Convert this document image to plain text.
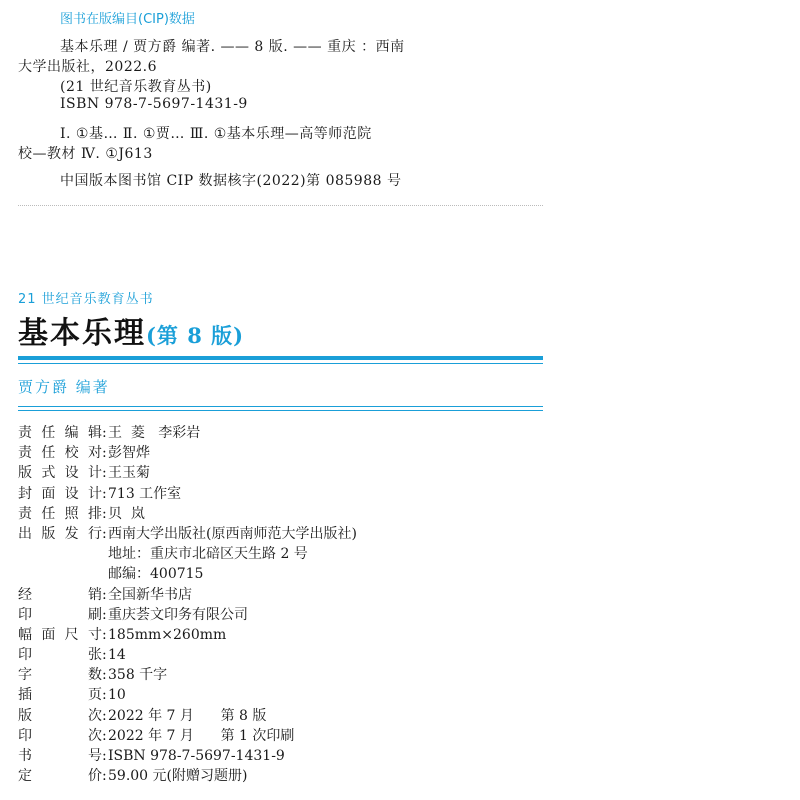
图书在版编目(CIP)数据
基本乐理 / 贾方爵 编著. —— 8 版. —— 重庆 ：西南
大学出版社，2022.6
(21 世纪音乐教育丛书)
ISBN 978-7-5697-1431-9
Ⅰ. ①基… Ⅱ. ①贾… Ⅲ. ①基本乐理—高等师范院
校—教材 Ⅳ. ①J613
中国版本图书馆 CIP 数据核字(2022)第 085988 号
21 世纪音乐教育丛书
基本乐理(第 8 版)
贾方爵 编著
责任编辑 : 王  菱   李彩岩
责任校对 : 彭智烨
版式设计 : 王玉菊
封面设计 : 713 工作室
责任照排 : 贝  岚
出版发行 : 西南大学出版社(原西南师范大学出版社)
地址：重庆市北碚区天生路 2 号
邮编：400715
经销 : 全国新华书店
印刷 : 重庆荟文印务有限公司
幅面尺寸 : 185mm×260mm
印张 : 14
字数 : 358 千字
插页 : 10
版次 : 2022 年 7 月      第 8 版
印次 : 2022 年 7 月      第 1 次印刷
书号 : ISBN 978-7-5697-1431-9
定价 : 59.00 元(附赠习题册)
